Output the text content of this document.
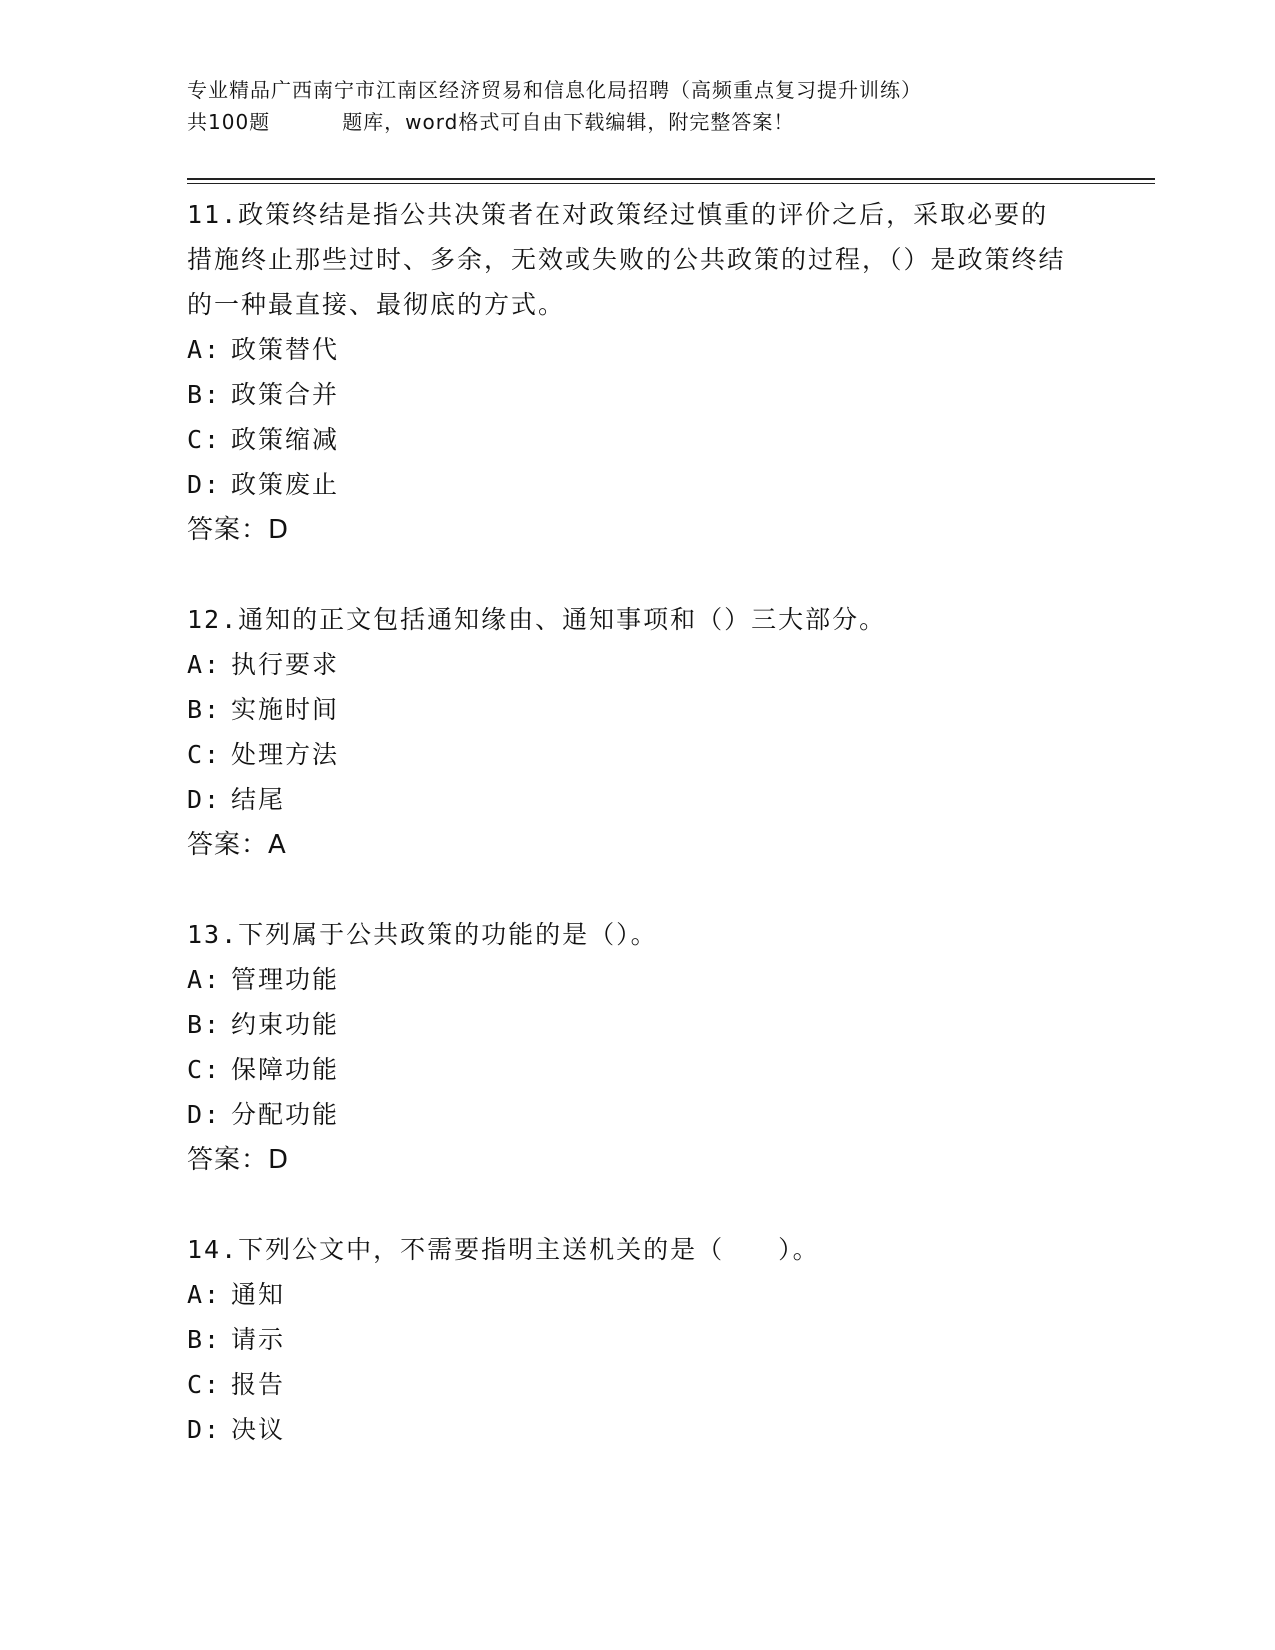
专业精品广西南宁市江南区经济贸易和信息化局招聘（高频重点复习提升训练）
共100题	题库，word格式可自由下载编辑，附完整答案！
11.政策终结是指公共决策者在对政策经过慎重的评价之后，采取必要的措施终止那些过时、多余，无效或失败的公共政策的过程，（）是政策终结的一种最直接、最彻底的方式。
A: 政策替代
B: 政策合并
C: 政策缩减
D: 政策废止
答案：D
12.通知的正文包括通知缘由、通知事项和（）三大部分。
A: 执行要求
B: 实施时间
C: 处理方法
D: 结尾
答案：A
13.下列属于公共政策的功能的是（）。
A: 管理功能
B: 约束功能
C: 保障功能
D: 分配功能
答案：D
14.下列公文中，不需要指明主送机关的是（　　）。
A: 通知
B: 请示
C: 报告
D: 决议
